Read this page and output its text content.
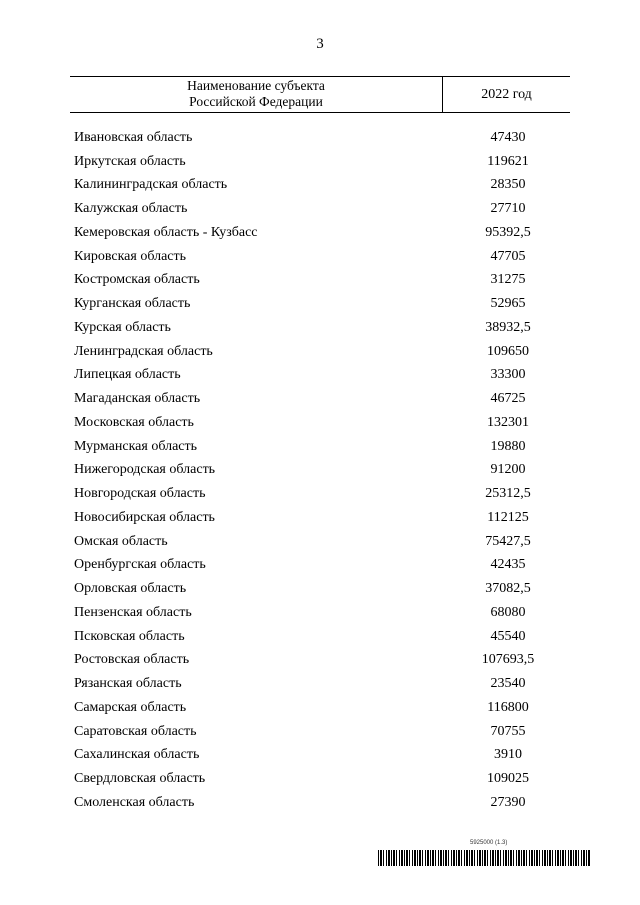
3
Наименование субъекта
Российской Федерации	2022 год
Ивановская область	47430
Иркутская область	119621
Калининградская область	28350
Калужская область	27710
Кемеровская область - Кузбасс	95392,5
Кировская область	47705
Костромская область	31275
Курганская область	52965
Курская область	38932,5
Ленинградская область	109650
Липецкая область	33300
Магаданская область	46725
Московская область	132301
Мурманская область	19880
Нижегородская область	91200
Новгородская область	25312,5
Новосибирская область	112125
Омская область	75427,5
Оренбургская область	42435
Орловская область	37082,5
Пензенская область	68080
Псковская область	45540
Ростовская область	107693,5
Рязанская область	23540
Самарская область	116800
Саратовская область	70755
Сахалинская область	3910
Свердловская область	109025
Смоленская область	27390
5925000 (1.3)
